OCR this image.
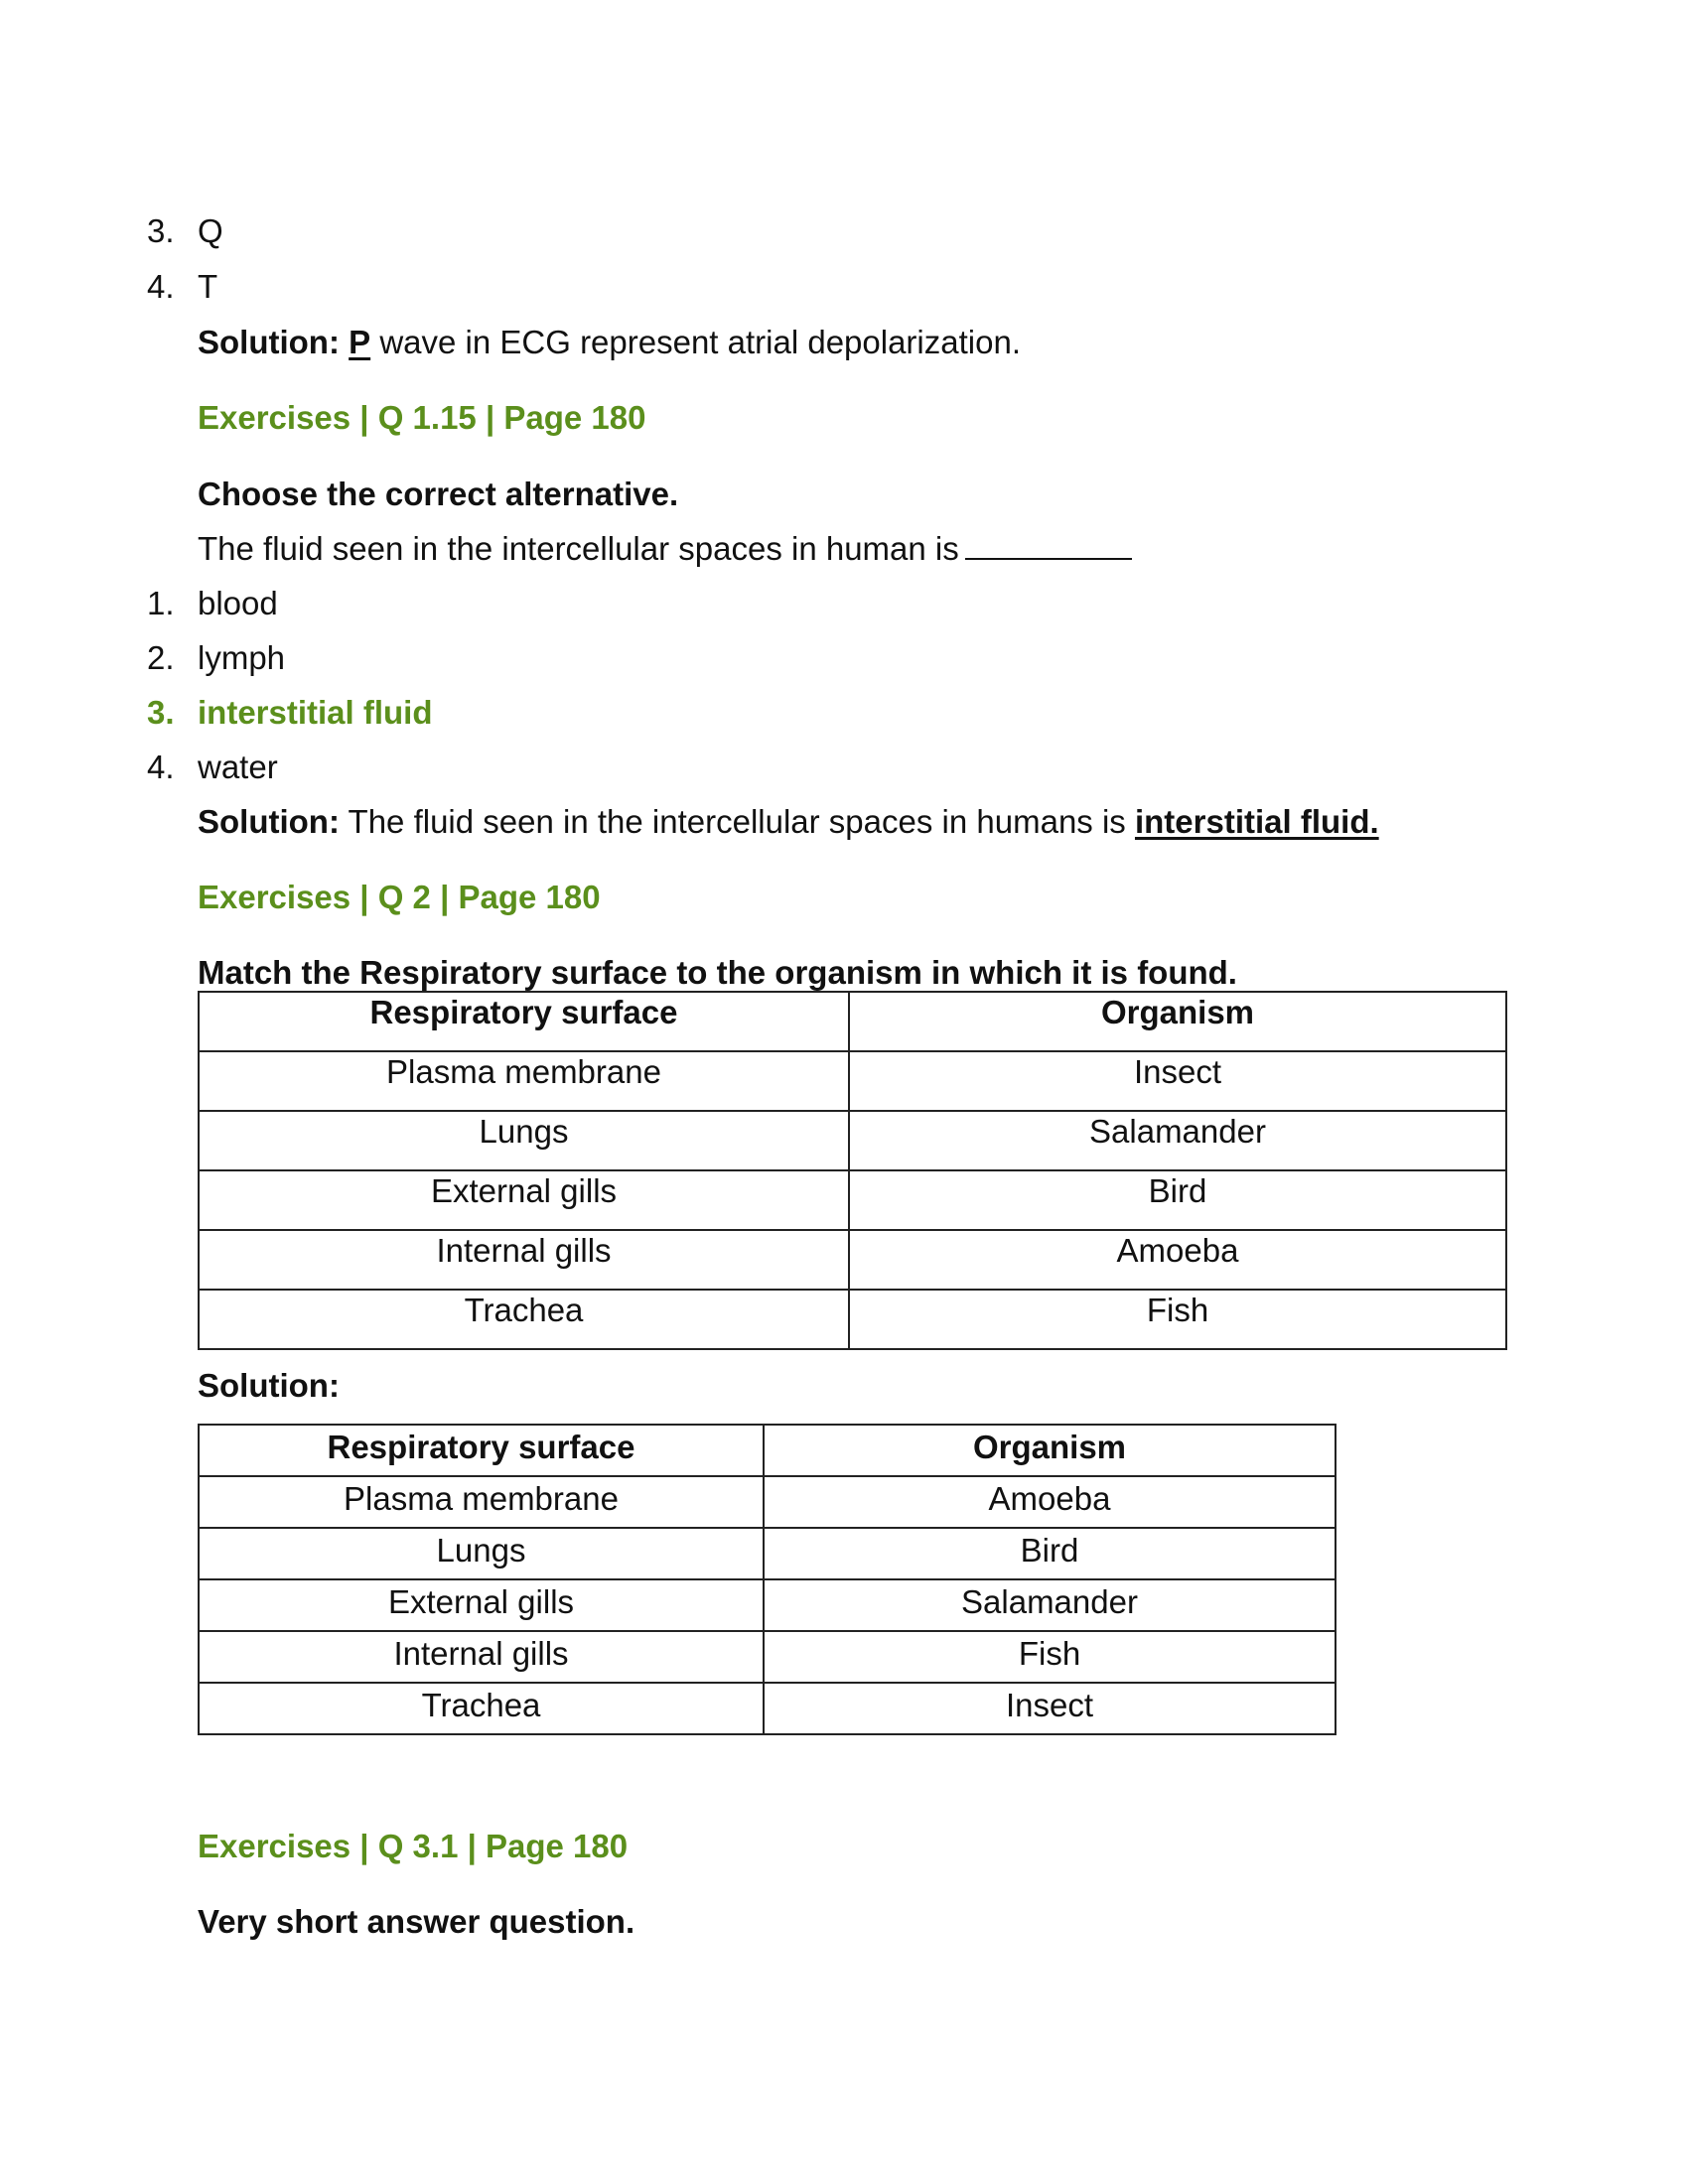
3. Q
4. T
Solution: P wave in ECG represent atrial depolarization.
Exercises | Q 1.15 | Page 180
Choose the correct alternative.
The fluid seen in the intercellular spaces in human is
1. blood
2. lymph
3. interstitial fluid
4. water
Solution: The fluid seen in the intercellular spaces in humans is interstitial fluid.
Exercises | Q 2 | Page 180
Match the Respiratory surface to the organism in which it is found.
Respiratory surface	Organism
Plasma membrane	Insect
Lungs	Salamander
External gills	Bird
Internal gills	Amoeba
Trachea	Fish
Solution:
Respiratory surface	Organism
Plasma membrane	Amoeba
Lungs	Bird
External gills	Salamander
Internal gills	Fish
Trachea	Insect
Exercises | Q 3.1 | Page 180
Very short answer question.
